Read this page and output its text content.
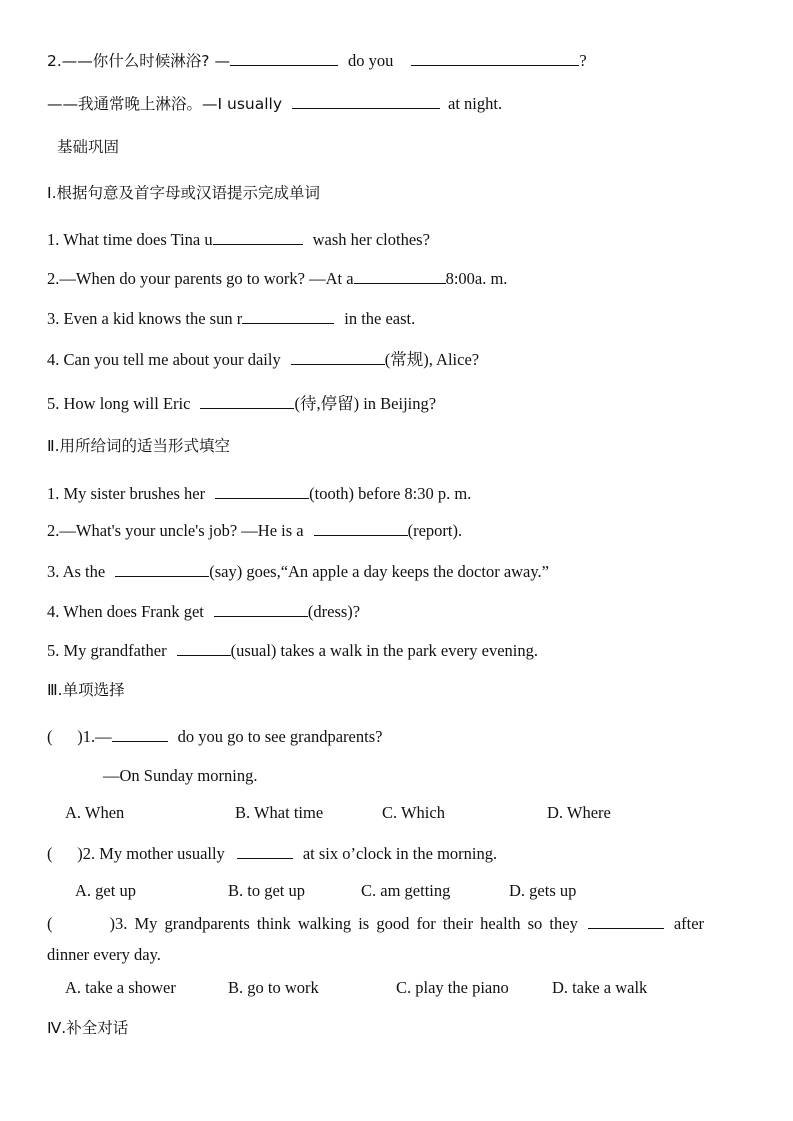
2.——你什么时候淋浴? —	do you	?
——我通常晚上淋浴。—I usually	at night.
基础巩固
Ⅰ.根据句意及首字母或汉语提示完成单词
1. What time does Tina u	wash her clothes?
2.—When do your parents go to work? —At a	8:00a. m.
3. Even a kid knows the sun r	in the east.
4. Can you tell me about your daily	(常规), Alice?
5. How long will Eric	(待,停留) in Beijing?
Ⅱ.用所给词的适当形式填空
1. My sister brushes her	(tooth) before 8:30 p. m.
2.—What's your uncle's job? —He is a	(report).
3. As the	(say) goes,“An apple a day keeps the doctor away.”
4. When does Frank get	(dress)?
5. My grandfather	(usual) takes a walk in the park every evening.
Ⅲ.单项选择
(      )1.—	do you go to see grandparents?
—On Sunday morning.
A. When	B. What time	C. Which	D. Where
(      )2. My mother usually	at six o’clock in the morning.
A. get up	B. to get up	C. am getting	D. gets up
(        )3. My grandparents think walking is good for their health so they	after
dinner every day.
A. take a shower	B. go to work	C. play the piano	D. take a walk
Ⅳ.补全对话
